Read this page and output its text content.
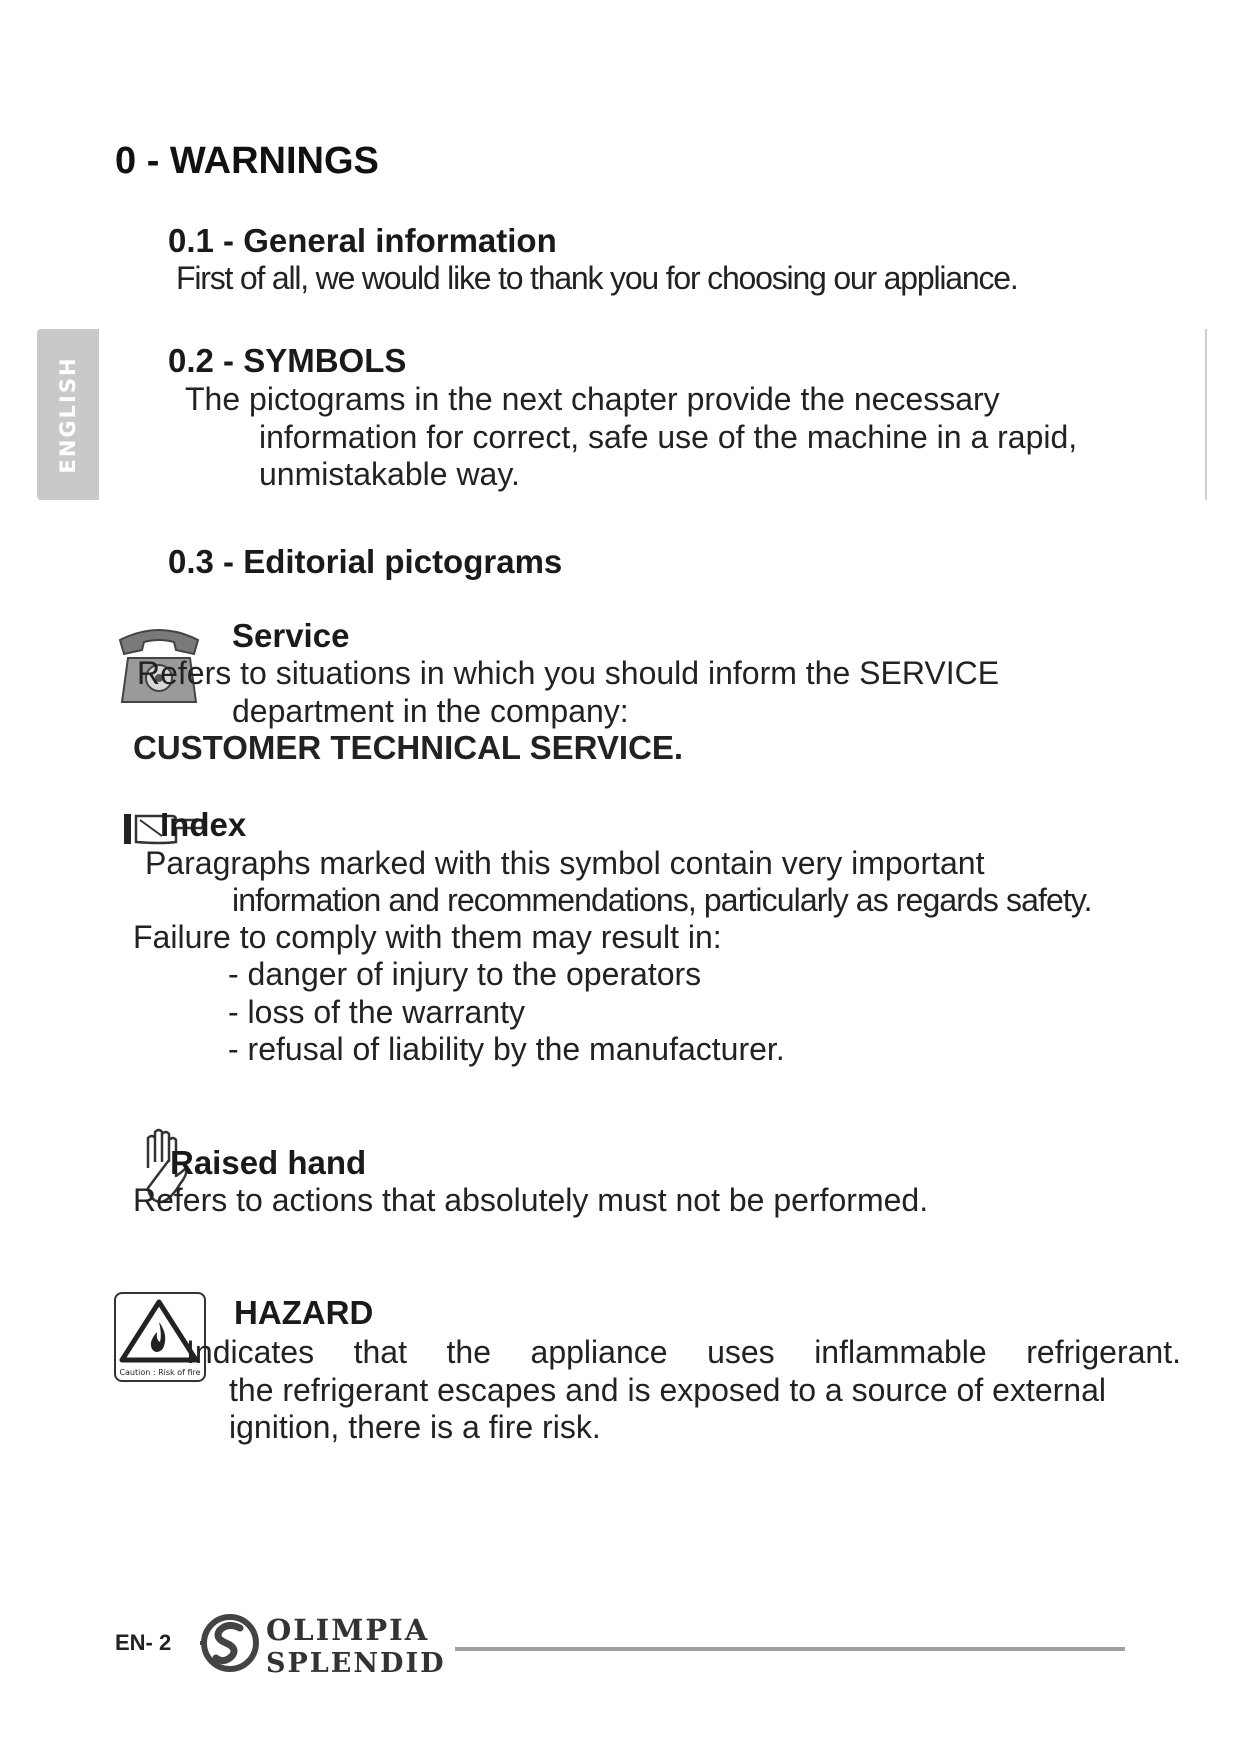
ENGLISH
0 - WARNINGS
0.1 - General information
First of all, we would like to thank you for choosing our appliance.
0.2 - SYMBOLS
The pictograms in the next chapter provide the necessary
information for correct, safe use of the machine in a rapid,
unmistakable way.
0.3 - Editorial pictograms
Service
Refers to situations in which you should inform the SERVICE
department in the company:
CUSTOMER TECHNICAL SERVICE.
Index
Paragraphs marked with this symbol contain very important
information and recommendations, particularly as regards safety.
Failure to comply with them may result in:
- danger of injury to the operators
- loss of the warranty
- refusal of liability by the manufacturer.
Raised hand
Refers to actions that absolutely must not be performed.
Caution : Risk of fire
HAZARD
Indicates that the appliance uses inflammable refrigerant.
the refrigerant escapes and is exposed to a source of external
ignition, there is a fire risk.
EN- 2	OLIMPIA
SPLENDID
